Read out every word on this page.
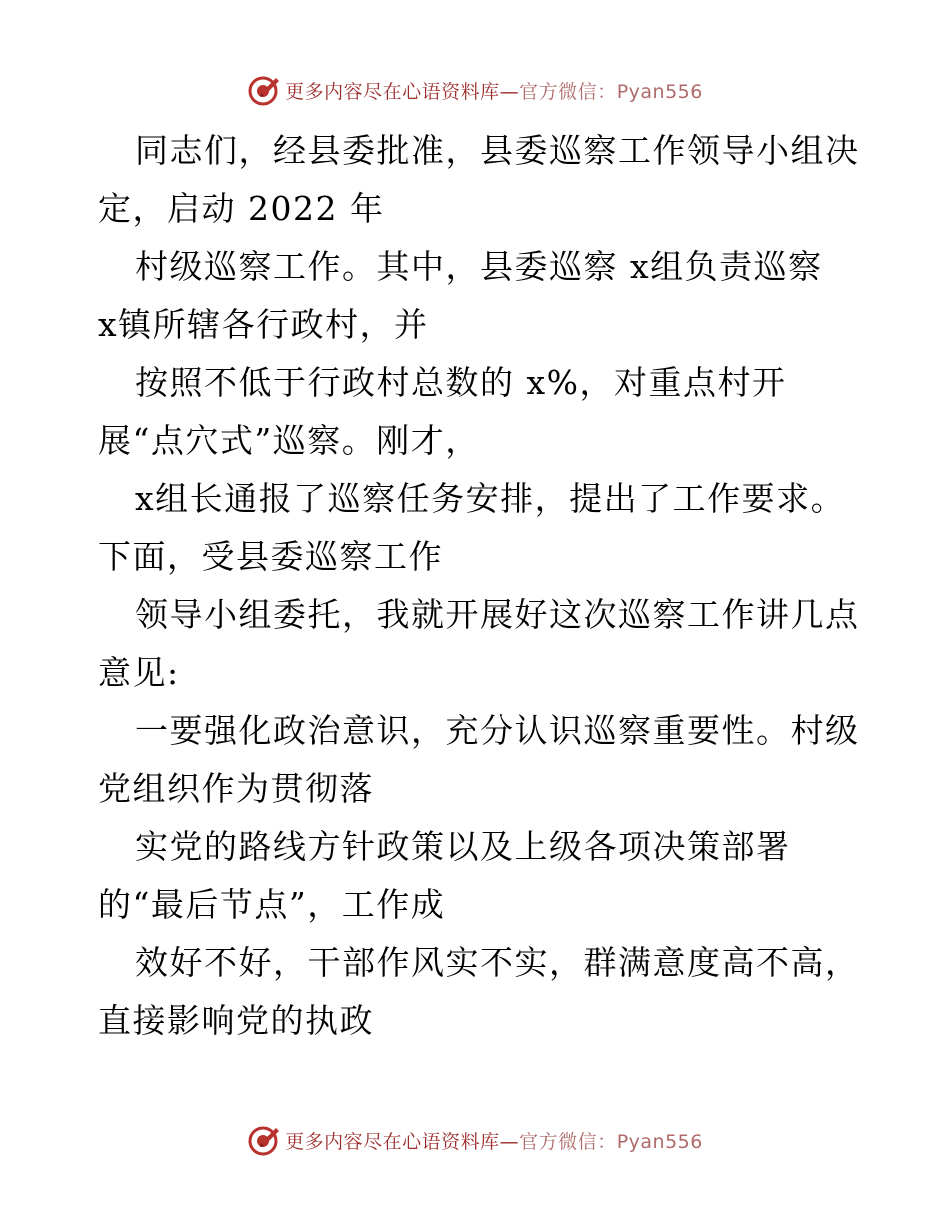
更多内容尽在心语资料库—官方微信：Pyan556
同志们，经县委批准，县委巡察工作领导小组决
定，启动 2022 年
村级巡察工作。其中，县委巡察 x组负责巡察
x镇所辖各行政村，并
按照不低于行政村总数的 x%，对重点村开
展“点穴式”巡察。刚才，
x组长通报了巡察任务安排，提出了工作要求。
下面，受县委巡察工作
领导小组委托，我就开展好这次巡察工作讲几点
意见:
一要强化政治意识，充分认识巡察重要性。村级
党组织作为贯彻落
实党的路线方针政策以及上级各项决策部署
的“最后节点”，工作成
效好不好，干部作风实不实，群满意度高不高，
直接影响党的执政
更多内容尽在心语资料库—官方微信：Pyan556
